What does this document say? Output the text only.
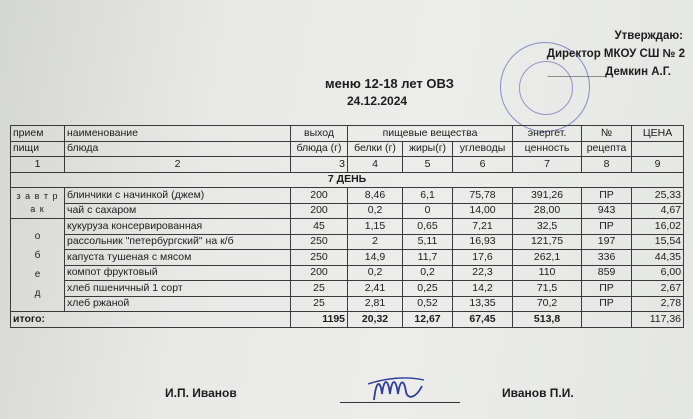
Утверждаю:
Директор МКОУ СШ № 2
_________Демкин А.Г.
меню 12-18 лет ОВЗ
24.12.2024
прием	наименование	выход	пищевые вещества			энергет.	№	ЦЕНА
пищи	блюда	блюда (г)	белки (г)	жиры(г)	углеводы	ценность	рецепта	
1	2	3	4	5	6	7	8	9
7 ДЕНЬ								
з а в т р а к	блинчики с начинкой (джем)	200	8,46	6,1	75,78	391,26	ПР	25,33
	чай с сахаром	200	0,2	0	14,00	28,00	943	4,67
о б е д	кукуруза консервированная	45	1,15	0,65	7,21	32,5	ПР	16,02
	рассольник "петербургский" на к/б	250	2	5,11	16,93	121,75	197	15,54
	капуста тушеная с мясом	250	14,9	11,7	17,6	262,1	336	44,35
	компот фруктовый	200	0,2	0,2	22,3	110	859	6,00
	хлеб пшеничный 1 сорт	25	2,41	0,25	14,2	71,5	ПР	2,67
	хлеб ржаной	25	2,81	0,52	13,35	70,2	ПР	2,78
итого:		1195	20,32	12,67	67,45	513,8		117,36
И.П. Иванов	Иванов П.И.
